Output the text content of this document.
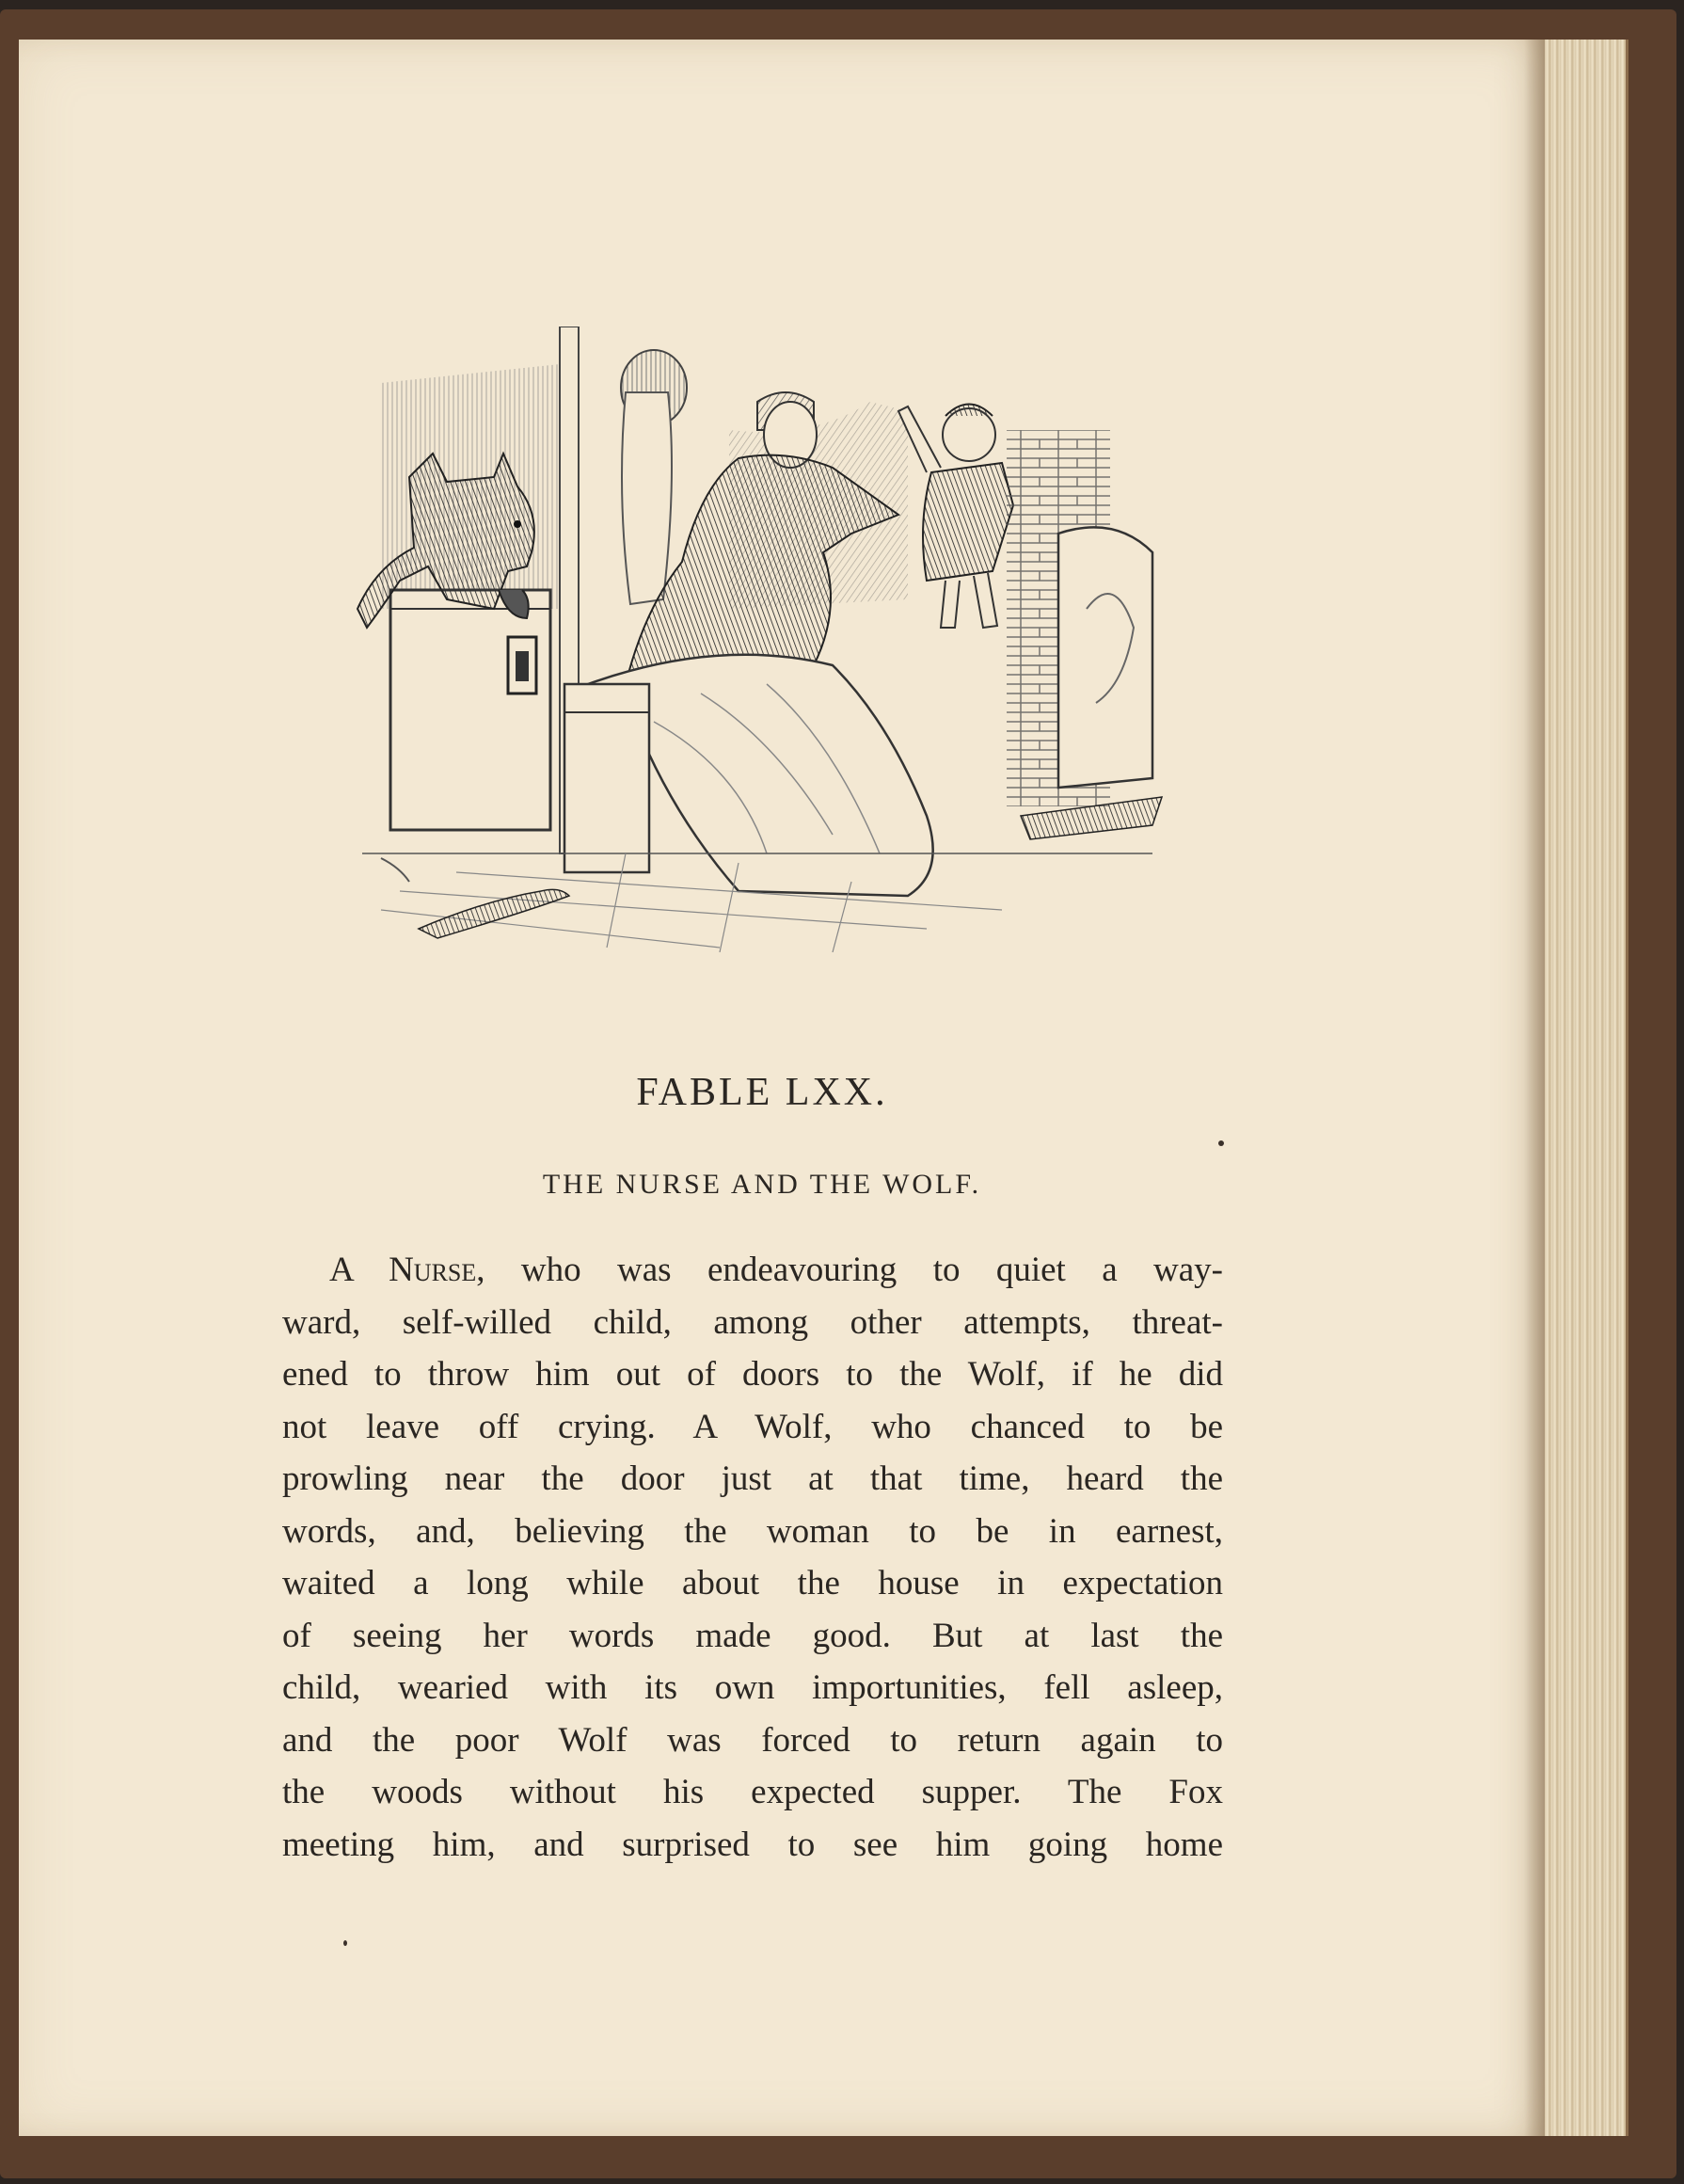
FABLE LXX.
THE NURSE AND THE WOLF.
A Nurse, who was endeavouring to quiet a way-
ward, self-willed child, among other attempts, threat-
ened to throw him out of doors to the Wolf, if he did
not leave off crying. A Wolf, who chanced to be
prowling near the door just at that time, heard the
words, and, believing the woman to be in earnest,
waited a long while about the house in expectation
of seeing her words made good. But at last the
child, wearied with its own importunities, fell asleep,
and the poor Wolf was forced to return again to
the woods without his expected supper. The Fox
meeting him, and surprised to see him going home
